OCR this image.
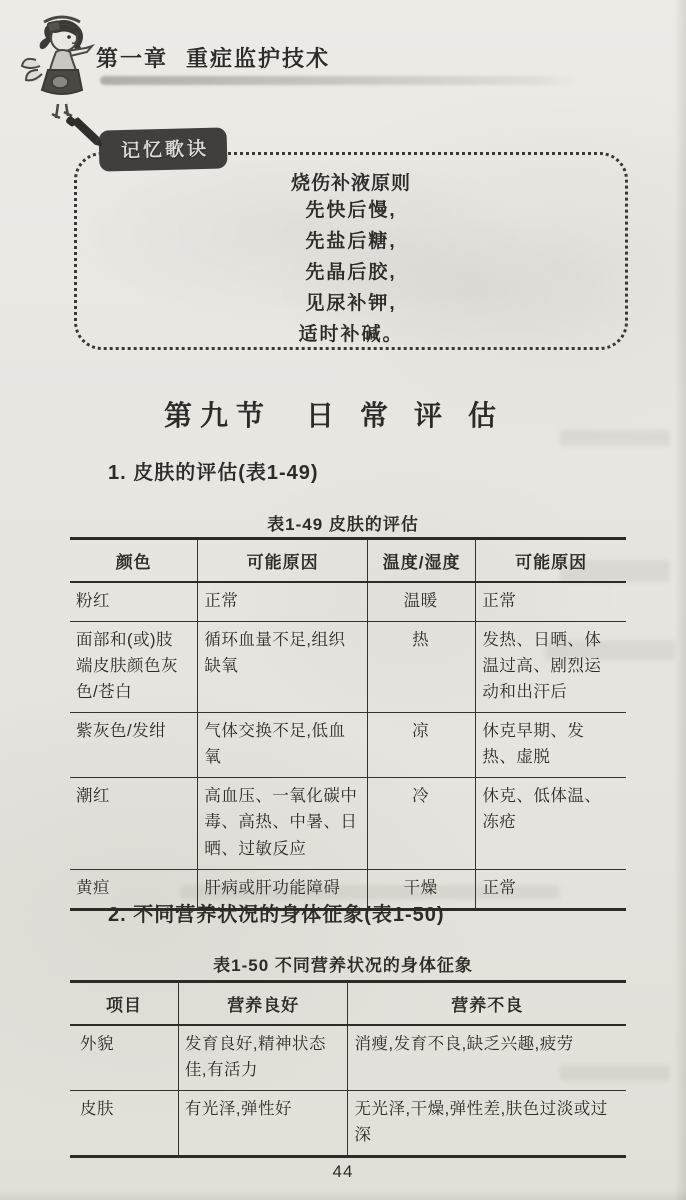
第一章 重症监护技术
记忆歌诀
烧伤补液原则
先快后慢,
先盐后糖,
先晶后胶,
见尿补钾,
适时补碱。
第九节 日常评估
1. 皮肤的评估(表1-49)
表1-49 皮肤的评估
颜色	可能原因	温度/湿度	可能原因
粉红	正常	温暖	正常
面部和(或)肢端皮肤颜色灰色/苍白	循环血量不足,组织缺氧	热	发热、日晒、体温过高、剧烈运动和出汗后
紫灰色/发绀	气体交换不足,低血氧	凉	休克早期、发热、虚脱
潮红	高血压、一氧化碳中毒、高热、中暑、日晒、过敏反应	冷	休克、低体温、冻疮
黄疸	肝病或肝功能障碍	干燥	正常
2. 不同营养状况的身体征象(表1-50)
表1-50 不同营养状况的身体征象
项目	营养良好	营养不良
外貌	发育良好,精神状态佳,有活力	消瘦,发育不良,缺乏兴趣,疲劳
皮肤	有光泽,弹性好	无光泽,干燥,弹性差,肤色过淡或过深
44
